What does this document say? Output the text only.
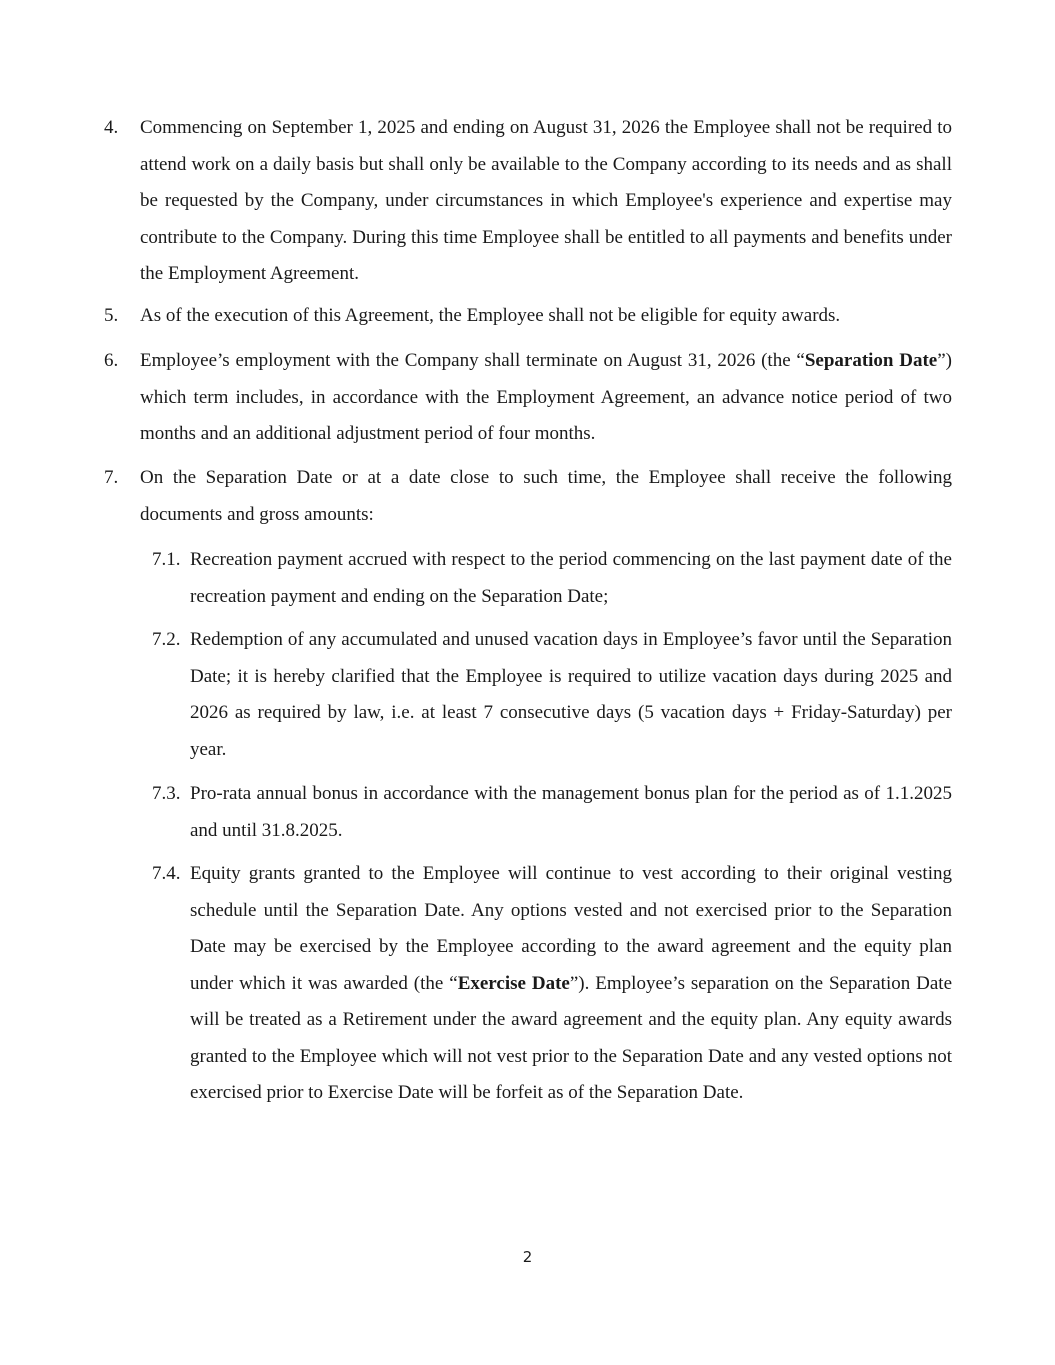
4. Commencing on September 1, 2025 and ending on August 31, 2026 the Employee shall not be required to attend work on a daily basis but shall only be available to the Company according to its needs and as shall be requested by the Company, under circumstances in which Employee's experience and expertise may contribute to the Company. During this time Employee shall be entitled to all payments and benefits under the Employment Agreement.
5. As of the execution of this Agreement, the Employee shall not be eligible for equity awards.
6. Employee’s employment with the Company shall terminate on August 31, 2026 (the “Separation Date”) which term includes, in accordance with the Employment Agreement, an advance notice period of two months and an additional adjustment period of four months.
7. On the Separation Date or at a date close to such time, the Employee shall receive the following documents and gross amounts:
7.1. Recreation payment accrued with respect to the period commencing on the last payment date of the recreation payment and ending on the Separation Date;
7.2. Redemption of any accumulated and unused vacation days in Employee’s favor until the Separation Date; it is hereby clarified that the Employee is required to utilize vacation days during 2025 and 2026 as required by law, i.e. at least 7 consecutive days (5 vacation days + Friday-Saturday) per year.
7.3. Pro-rata annual bonus in accordance with the management bonus plan for the period as of 1.1.2025 and until 31.8.2025.
7.4. Equity grants granted to the Employee will continue to vest according to their original vesting schedule until the Separation Date. Any options vested and not exercised prior to the Separation Date may be exercised by the Employee according to the award agreement and the equity plan under which it was awarded (the “Exercise Date”). Employee’s separation on the Separation Date will be treated as a Retirement under the award agreement and the equity plan. Any equity awards granted to the Employee which will not vest prior to the Separation Date and any vested options not exercised prior to Exercise Date will be forfeit as of the Separation Date.
2
